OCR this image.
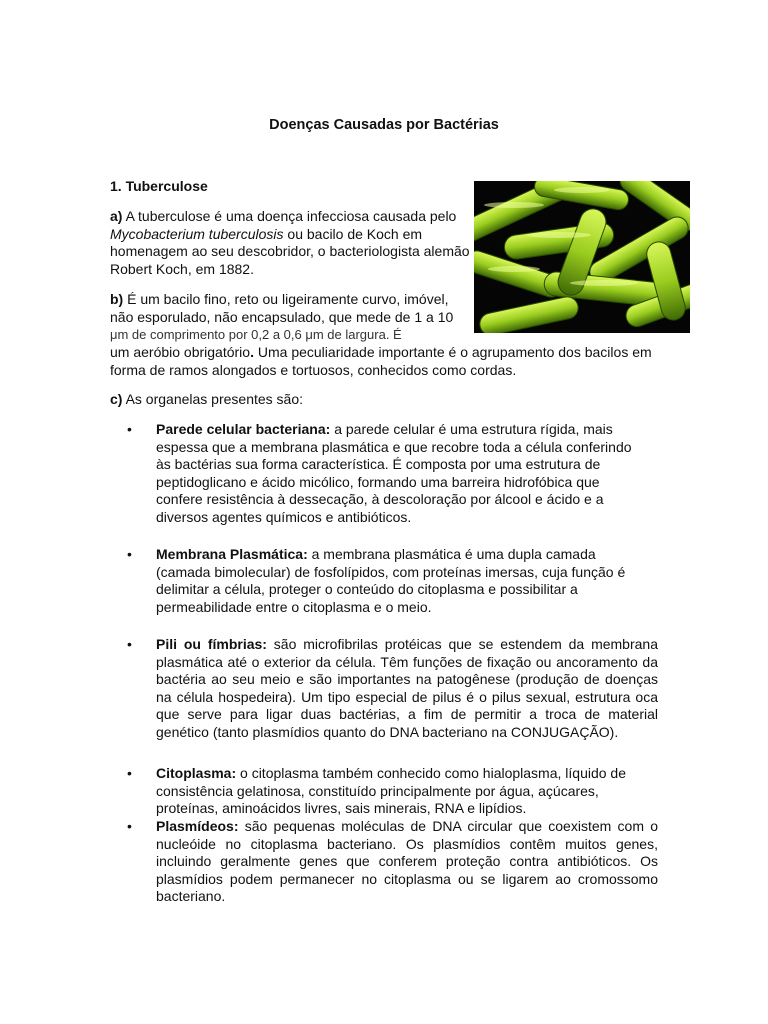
Doenças Causadas por Bactérias
1. Tuberculose

a) A tuberculose é uma doença infecciosa causada pelo Mycobacterium tuberculosis ou bacilo de Koch em homenagem ao seu descobridor, o bacteriologista alemão Robert Koch, em 1882.

b) É um bacilo fino, reto ou ligeiramente curvo, imóvel, não esporulado, não encapsulado, que mede de 1 a 10
μm de comprimento por 0,2 a 0,6 μm de largura. É

um aeróbio obrigatório. Uma peculiaridade importante é o agrupamento dos bacilos em forma de ramos alongados e tortuosos, conhecidos como cordas.

c) As organelas presentes são:

•	Parede celular bacteriana: a parede celular é uma estrutura rígida, mais espessa que a membrana plasmática e que recobre toda a célula conferindo às bactérias sua forma característica. É composta por uma estrutura de peptidoglicano e ácido micólico, formando uma barreira hidrofóbica que confere resistência à dessecação, à descoloração por álcool e ácido e a diversos agentes químicos e antibióticos.

•	Membrana Plasmática: a membrana plasmática é uma dupla camada (camada bimolecular) de fosfolípidos, com proteínas imersas, cuja função é delimitar a célula, proteger o conteúdo do citoplasma e possibilitar a permeabilidade entre o citoplasma e o meio.

•	Pili ou fímbrias: são microfibrilas protéicas que se estendem da membrana plasmática até o exterior da célula. Têm funções de fixação ou ancoramento da bactéria ao seu meio e são importantes na patogênese (produção de doenças na célula hospedeira). Um tipo especial de pilus é o pilus sexual, estrutura oca que serve para ligar duas bactérias, a fim de permitir a troca de material genético (tanto plasmídios quanto do DNA bacteriano na CONJUGAÇÃO).

•	Citoplasma: o citoplasma também conhecido como hialoplasma, líquido de consistência gelatinosa, constituído principalmente por água, açúcares, proteínas, aminoácidos livres, sais minerais, RNA e lipídios.

•	Plasmídeos: são pequenas moléculas de DNA circular que coexistem com o nucleóide no citoplasma bacteriano. Os plasmídios contêm muitos genes, incluindo geralmente genes que conferem proteção contra antibióticos. Os plasmídios podem permanecer no citoplasma ou se ligarem ao cromossomo bacteriano.
